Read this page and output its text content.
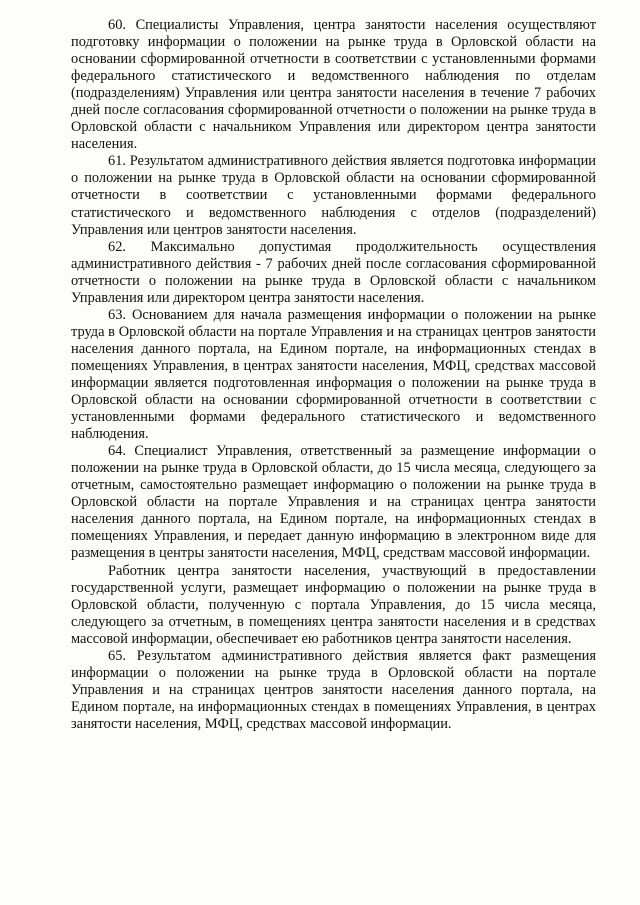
60. Специалисты Управления, центра занятости населения осуществляют подготовку информации о положении на рынке труда в Орловской области на основании сформированной отчетности в соответствии с установленными формами федерального статистического и ведомственного наблюдения по отделам (подразделениям) Управления или центра занятости населения в течение 7 рабочих дней после согласования сформированной отчетности о положении на рынке труда в Орловской области с начальником Управления или директором центра занятости населения.

61. Результатом административного действия является подготовка информации о положении на рынке труда в Орловской области на основании сформированной отчетности в соответствии с установленными формами федерального статистического и ведомственного наблюдения с отделов (подразделений) Управления или центров занятости населения.

62. Максимально допустимая продолжительность осуществления административного действия - 7 рабочих дней после согласования сформированной отчетности о положении на рынке труда в Орловской области с начальником Управления или директором центра занятости населения.

63. Основанием для начала размещения информации о положении на рынке труда в Орловской области на портале Управления и на страницах центров занятости населения данного портала, на Едином портале, на информационных стендах в помещениях Управления, в центрах занятости населения, МФЦ, средствах массовой информации является подготовленная информация о положении на рынке труда в Орловской области на основании сформированной отчетности в соответствии с установленными формами федерального статистического и ведомственного наблюдения.

64. Специалист Управления, ответственный за размещение информации о положении на рынке труда в Орловской области, до 15 числа месяца, следующего за отчетным, самостоятельно размещает информацию о положении на рынке труда в Орловской области на портале Управления и на страницах центра занятости населения данного портала, на Едином портале, на информационных стендах в помещениях Управления, и передает данную информацию в электронном виде для размещения в центры занятости населения, МФЦ, средствам массовой информации.

Работник центра занятости населения, участвующий в предоставлении государственной услуги, размещает информацию о положении на рынке труда в Орловской области, полученную с портала Управления, до 15 числа месяца, следующего за отчетным, в помещениях центра занятости населения и в средствах массовой информации, обеспечивает ею работников центра занятости населения.

65. Результатом административного действия является факт размещения информации о положении на рынке труда в Орловской области на портале Управления и на страницах центров занятости населения данного портала, на Едином портале, на информационных стендах в помещениях Управления, в центрах занятости населения, МФЦ, средствах массовой информации.
